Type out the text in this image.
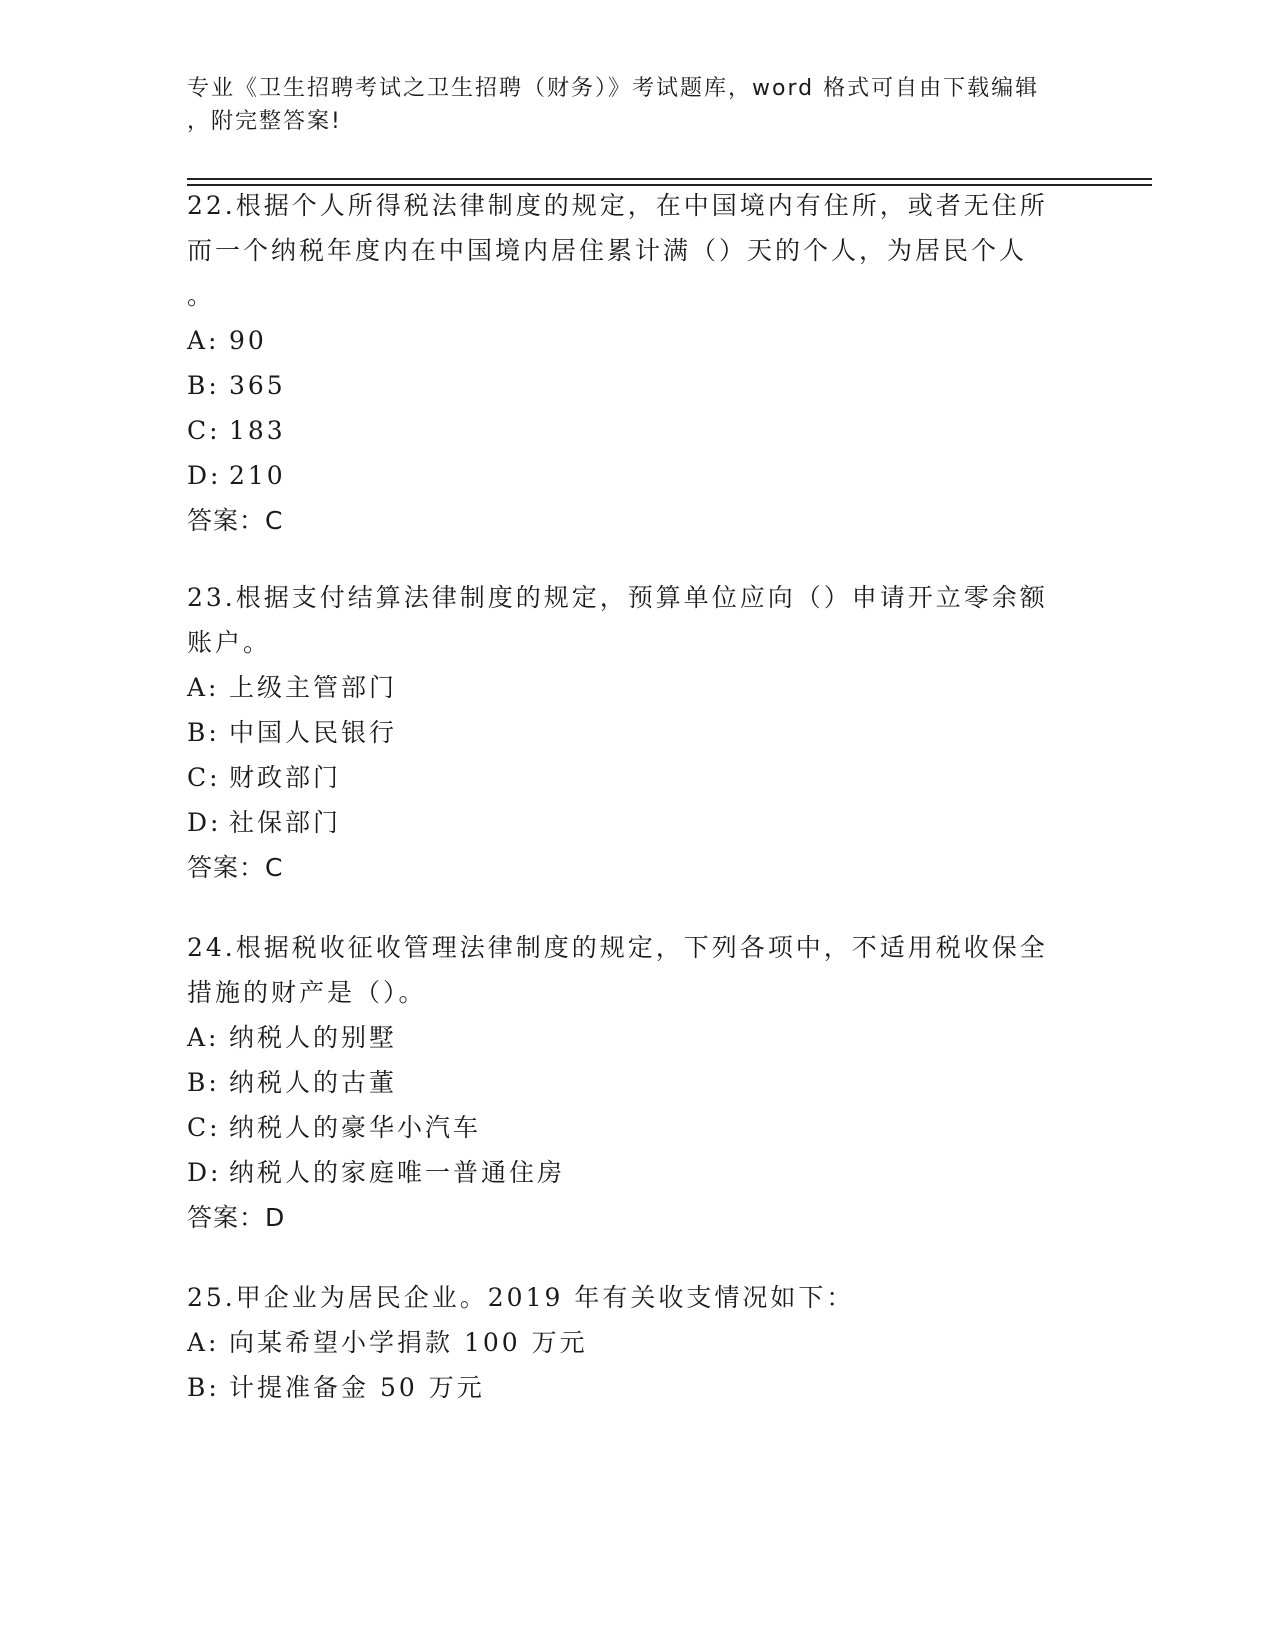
专业《卫生招聘考试之卫生招聘（财务）》考试题库，word 格式可自由下载编辑
，附完整答案!

22.根据个人所得税法律制度的规定，在中国境内有住所，或者无住所

而一个纳税年度内在中国境内居住累计满（）天的个人，为居民个人

。

A: 90
B: 365
C: 183
D: 210

答案：C

23.根据支付结算法律制度的规定，预算单位应向（）申请开立零余额

账户。

A: 上级主管部门
B: 中国人民银行
C: 财政部门
D: 社保部门

答案：C

24.根据税收征收管理法律制度的规定，下列各项中，不适用税收保全

措施的财产是（）。

A: 纳税人的别墅
B: 纳税人的古董
C: 纳税人的豪华小汽车
D: 纳税人的家庭唯一普通住房

答案：D

25.甲企业为居民企业。2019 年有关收支情况如下：

A: 向某希望小学捐款 100 万元
B: 计提准备金 50 万元
